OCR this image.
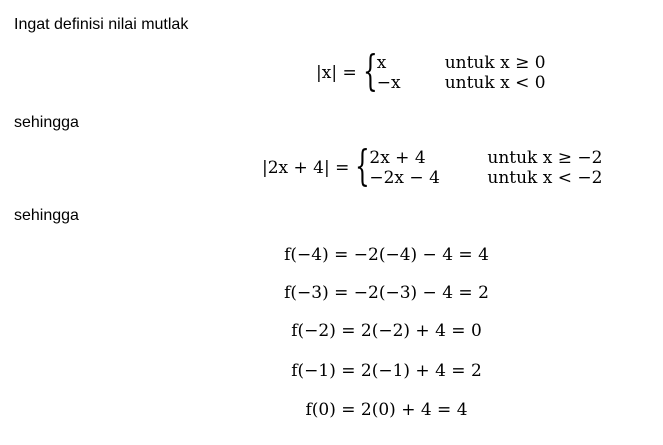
Ingat definisi nilai mutlak
|x| = { x	untuk x ≥ 0
−x	untuk x < 0
sehingga
|2x + 4| = { 2x + 4	untuk x ≥ −2
−2x − 4	untuk x < −2
sehingga
f(−4) = −2(−4) − 4 = 4
f(−3) = −2(−3) − 4 = 2
f(−2) = 2(−2) + 4 = 0
f(−1) = 2(−1) + 4 = 2
f(0) = 2(0) + 4 = 4
